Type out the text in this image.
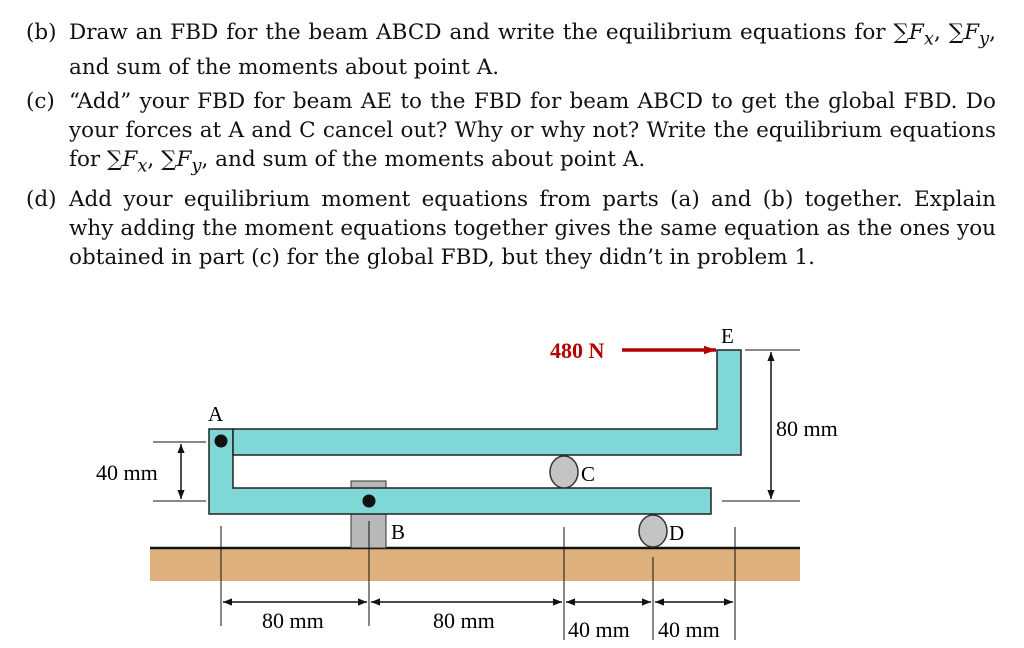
(b) Draw an FBD for the beam ABCD and write the equilibrium equations for $\sum F_x$, $\sum F_y$, and sum of the moments about point A.
(c) “Add” your FBD for beam AE to the FBD for beam ABCD to get the global FBD. Do your forces at A and C cancel out? Why or why not? Write the equilibrium equations for $\sum F_x$, $\sum F_y$, and sum of the moments about point A.
(d) Add your equilibrium moment equations from parts (a) and (b) together. Explain why adding the moment equations together gives the same equation as the ones you obtained in part (c) for the global FBD, but they didn’t in problem 1.
A
B
C
D
E
480 N
80 mm
40 mm
80 mm	80 mm	40 mm 40 mm
